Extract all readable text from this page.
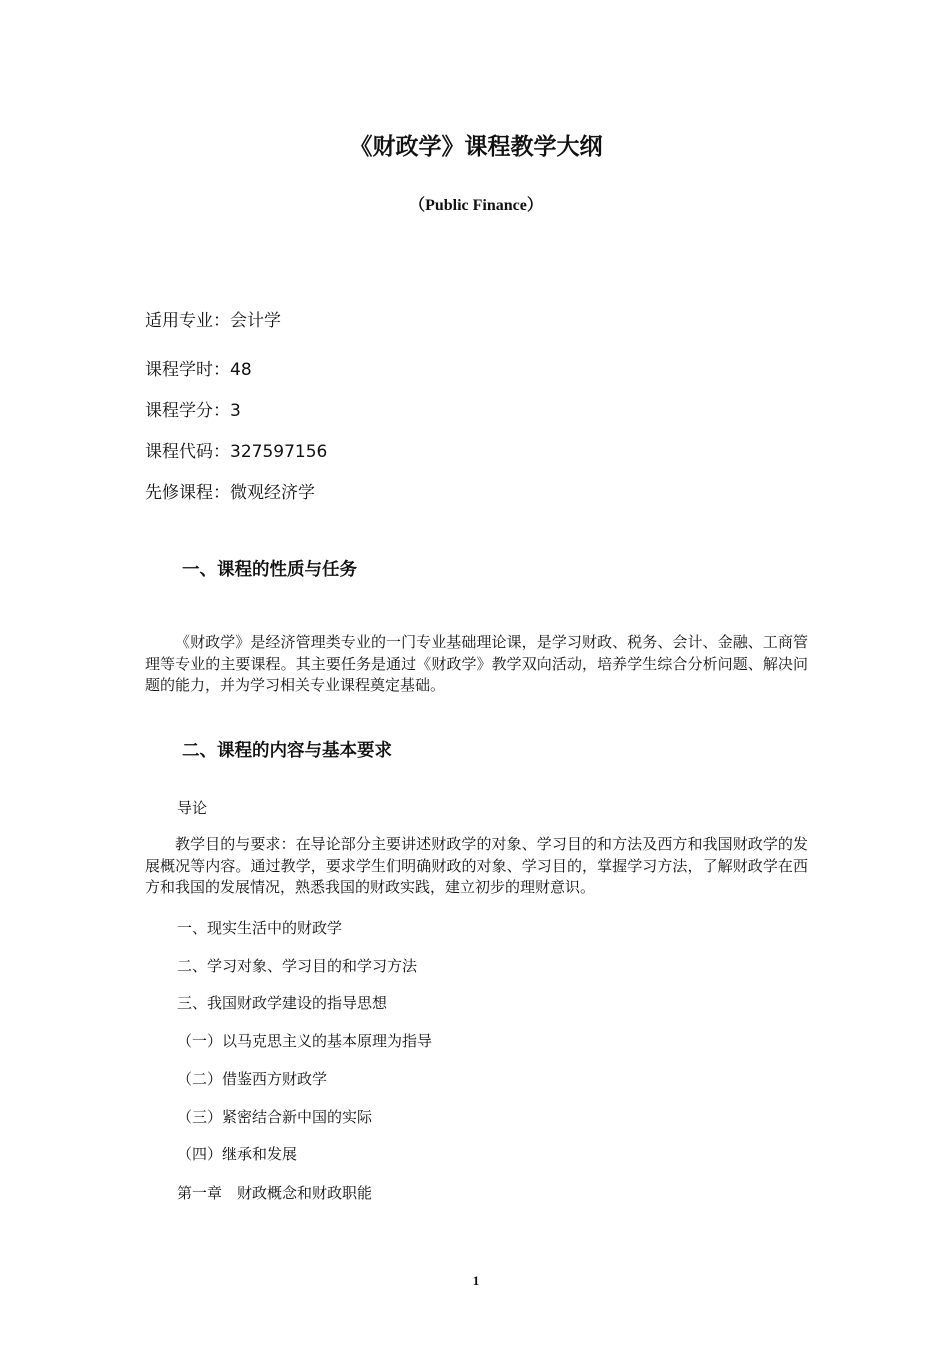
《财政学》课程教学大纲
（Public Finance）
适用专业：会计学
课程学时：48
课程学分：3
课程代码：327597156
先修课程：微观经济学
一、课程的性质与任务
《财政学》是经济管理类专业的一门专业基础理论课，是学习财政、税务、会计、金融、工商管理等专业的主要课程。其主要任务是通过《财政学》教学双向活动，培养学生综合分析问题、解决问题的能力，并为学习相关专业课程奠定基础。
二、课程的内容与基本要求
导论
教学目的与要求：在导论部分主要讲述财政学的对象、学习目的和方法及西方和我国财政学的发展概况等内容。通过教学，要求学生们明确财政的对象、学习目的，掌握学习方法，了解财政学在西方和我国的发展情况，熟悉我国的财政实践，建立初步的理财意识。
一、现实生活中的财政学
二、学习对象、学习目的和学习方法
三、我国财政学建设的指导思想
（一）以马克思主义的基本原理为指导
（二）借鉴西方财政学
（三）紧密结合新中国的实际
（四）继承和发展
第一章　财政概念和财政职能
1
